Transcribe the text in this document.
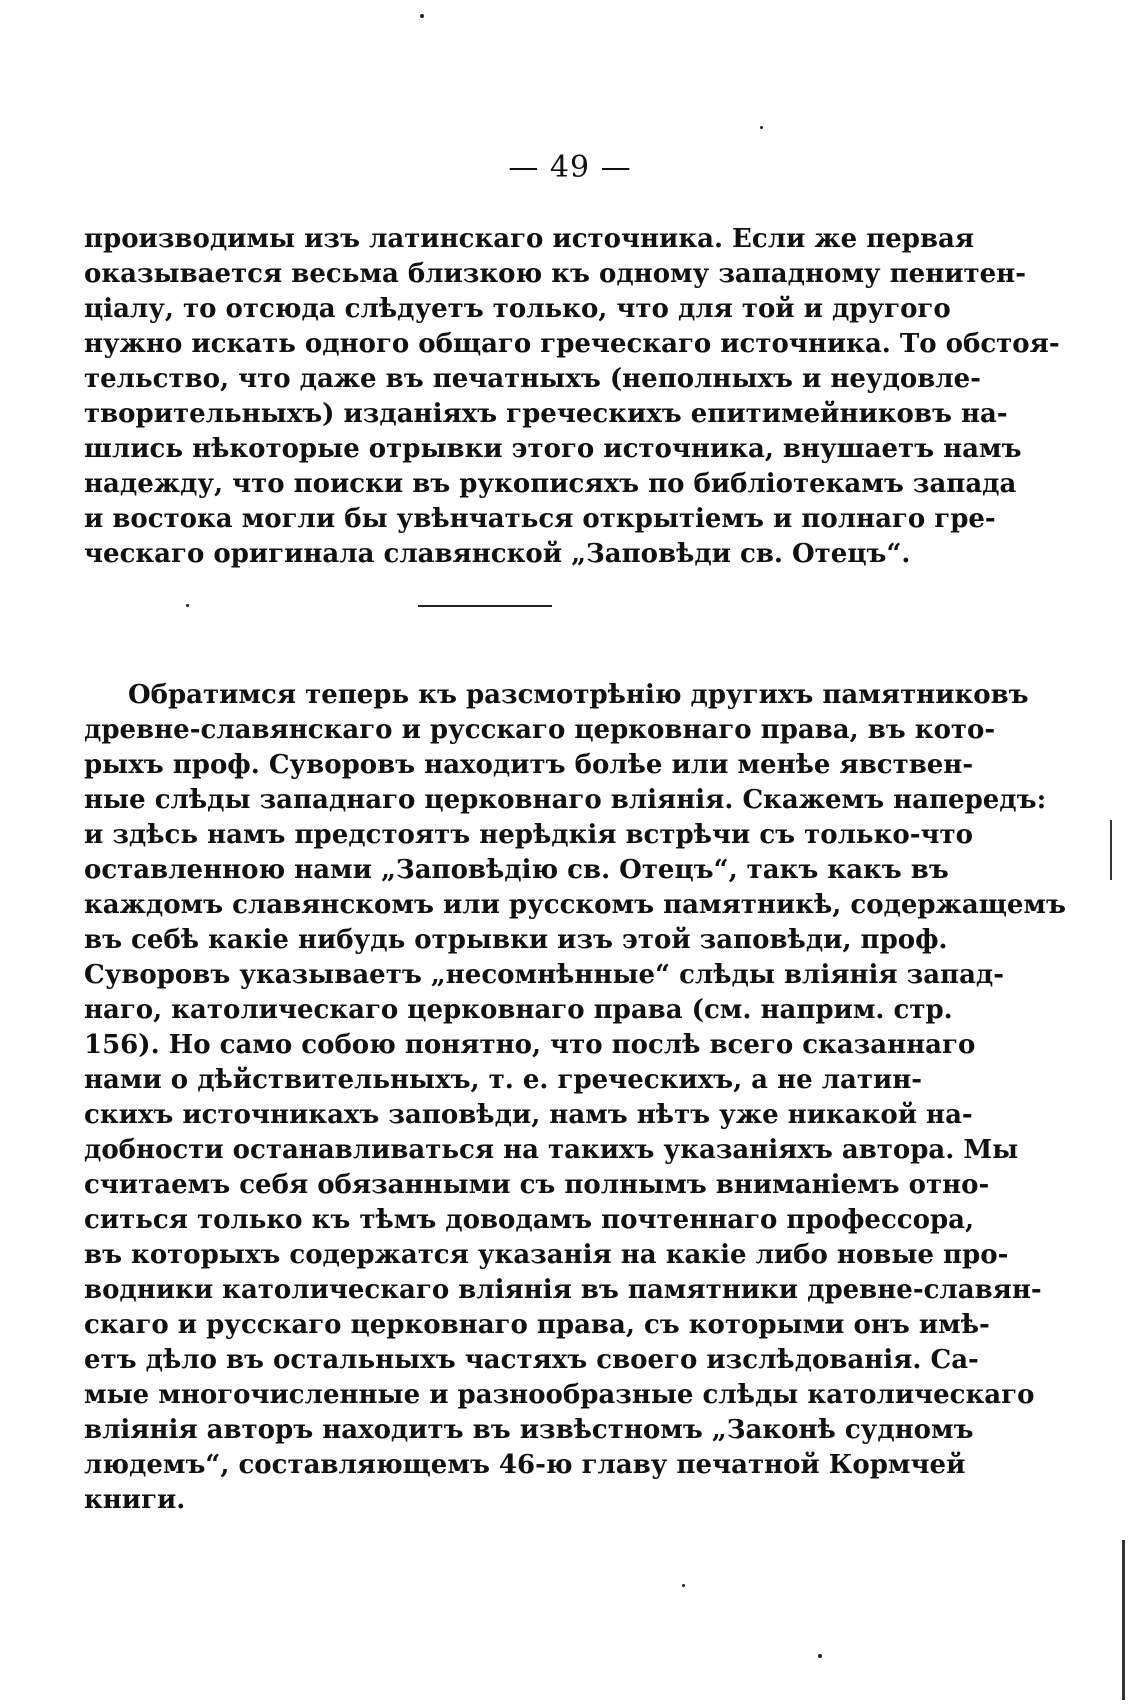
— 49 —
производимы изъ латинскаго источника. Если же первая
оказывается весьма близкою къ одному западному пенитен-
ціалу, то отсюда слѣдуетъ только, что для той и другого
нужно искать одного общаго греческаго источника. То обстоя-
тельство, что даже въ печатныхъ (неполныхъ и неудовле-
творительныхъ) изданіяхъ греческихъ епитимейниковъ на-
шлись нѣкоторые отрывки этого источника, внушаетъ намъ
надежду, что поиски въ рукописяхъ по библіотекамъ запада
и востока могли бы увѣнчаться открытіемъ и полнаго гре-
ческаго оригинала славянской „Заповѣди св. Отецъ“.
Обратимся теперь къ разсмотрѣнію другихъ памятниковъ
древне-славянскаго и русскаго церковнаго права, въ кото-
рыхъ проф. Суворовъ находитъ болѣе или менѣе явствен-
ные слѣды западнаго церковнаго вліянія. Скажемъ напередъ:
и здѣсь намъ предстоятъ нерѣдкія встрѣчи съ только-что
оставленною нами „Заповѣдію св. Отецъ“, такъ какъ въ
каждомъ славянскомъ или русскомъ памятникѣ, содержащемъ
въ себѣ какіе нибудь отрывки изъ этой заповѣди, проф.
Суворовъ указываетъ „несомнѣнные“ слѣды вліянія запад-
наго, католическаго церковнаго права (см. наприм. стр.
156). Но само собою понятно, что послѣ всего сказаннаго
нами о дѣйствительныхъ, т. е. греческихъ, а не латин-
скихъ источникахъ заповѣди, намъ нѣтъ уже никакой на-
добности останавливаться на такихъ указаніяхъ автора. Мы
считаемъ себя обязанными съ полнымъ вниманіемъ отно-
ситься только къ тѣмъ доводамъ почтеннаго профессора,
въ которыхъ содержатся указанія на какіе либо новые про-
водники католическаго вліянія въ памятники древне-славян-
скаго и русскаго церковнаго права, съ которыми онъ имѣ-
етъ дѣло въ остальныхъ частяхъ своего изслѣдованія. Са-
мые многочисленные и разнообразные слѣды католическаго
вліянія авторъ находитъ въ извѣстномъ „Законѣ судномъ
людемъ“, составляющемъ 46-ю главу печатной Кормчей
книги.
